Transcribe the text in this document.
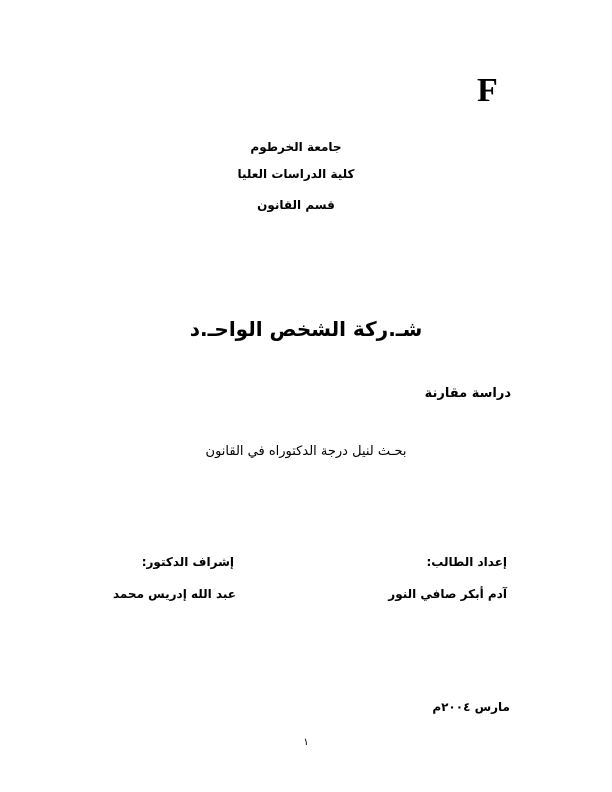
F
جامعة الخرطوم
كلية الدراسات العليا
قسم القانون
شـ.ركة الشخص الواحـ.د
دراسة مقارنة
بحـث لنيل درجة الدكتوراه في القانون
إعداد الطالب:
آدم أبكر صافي النور
إشراف الدكتور:
عبد الله إدريس محمد
مارس ٢٠٠٤م
١
